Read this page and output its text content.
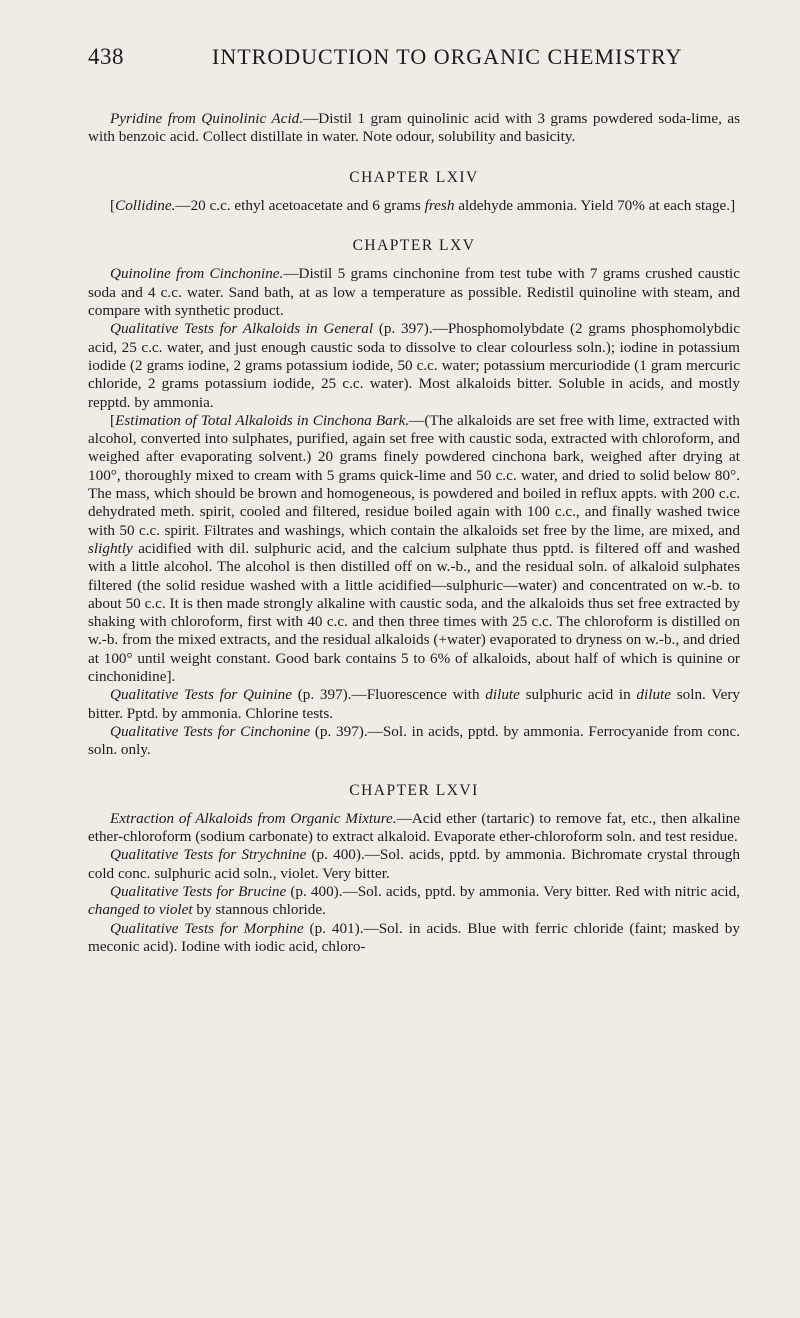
438	INTRODUCTION TO ORGANIC CHEMISTRY

Pyridine from Quinolinic Acid.—Distil 1 gram quinolinic acid with 3 grams powdered soda-lime, as with benzoic acid. Collect distillate in water. Note odour, solubility and basicity.

CHAPTER LXIV

[Collidine.—20 c.c. ethyl acetoacetate and 6 grams fresh aldehyde ammonia. Yield 70% at each stage.]

CHAPTER LXV

Quinoline from Cinchonine.—Distil 5 grams cinchonine from test tube with 7 grams crushed caustic soda and 4 c.c. water. Sand bath, at as low a temperature as possible. Redistil quinoline with steam, and compare with synthetic product.

Qualitative Tests for Alkaloids in General (p. 397).—Phosphomolybdate (2 grams phosphomolybdic acid, 25 c.c. water, and just enough caustic soda to dissolve to clear colourless soln.); iodine in potassium iodide (2 grams iodine, 2 grams potassium iodide, 50 c.c. water; potassium mercuriodide (1 gram mercuric chloride, 2 grams potassium iodide, 25 c.c. water). Most alkaloids bitter. Soluble in acids, and mostly repptd. by ammonia.

[Estimation of Total Alkaloids in Cinchona Bark.—(The alkaloids are set free with lime, extracted with alcohol, converted into sulphates, purified, again set free with caustic soda, extracted with chloroform, and weighed after evaporating solvent.) 20 grams finely powdered cinchona bark, weighed after drying at 100°, thoroughly mixed to cream with 5 grams quick-lime and 50 c.c. water, and dried to solid below 80°. The mass, which should be brown and homogeneous, is powdered and boiled in reflux appts. with 200 c.c. dehydrated meth. spirit, cooled and filtered, residue boiled again with 100 c.c., and finally washed twice with 50 c.c. spirit. Filtrates and washings, which contain the alkaloids set free by the lime, are mixed, and slightly acidified with dil. sulphuric acid, and the calcium sulphate thus pptd. is filtered off and washed with a little alcohol. The alcohol is then distilled off on w.-b., and the residual soln. of alkaloid sulphates filtered (the solid residue washed with a little acidified—sulphuric—water) and concentrated on w.-b. to about 50 c.c. It is then made strongly alkaline with caustic soda, and the alkaloids thus set free extracted by shaking with chloroform, first with 40 c.c. and then three times with 25 c.c. The chloroform is distilled on w.-b. from the mixed extracts, and the residual alkaloids (+water) evaporated to dryness on w.-b., and dried at 100° until weight constant. Good bark contains 5 to 6% of alkaloids, about half of which is quinine or cinchonidine].

Qualitative Tests for Quinine (p. 397).—Fluorescence with dilute sulphuric acid in dilute soln. Very bitter. Pptd. by ammonia. Chlorine tests.

Qualitative Tests for Cinchonine (p. 397).—Sol. in acids, pptd. by ammonia. Ferrocyanide from conc. soln. only.

CHAPTER LXVI

Extraction of Alkaloids from Organic Mixture.—Acid ether (tartaric) to remove fat, etc., then alkaline ether-chloroform (sodium carbonate) to extract alkaloid. Evaporate ether-chloroform soln. and test residue.

Qualitative Tests for Strychnine (p. 400).—Sol. acids, pptd. by ammonia. Bichromate crystal through cold conc. sulphuric acid soln., violet. Very bitter.

Qualitative Tests for Brucine (p. 400).—Sol. acids, pptd. by ammonia. Very bitter. Red with nitric acid, changed to violet by stannous chloride.

Qualitative Tests for Morphine (p. 401).—Sol. in acids. Blue with ferric chloride (faint; masked by meconic acid). Iodine with iodic acid, chloro-
